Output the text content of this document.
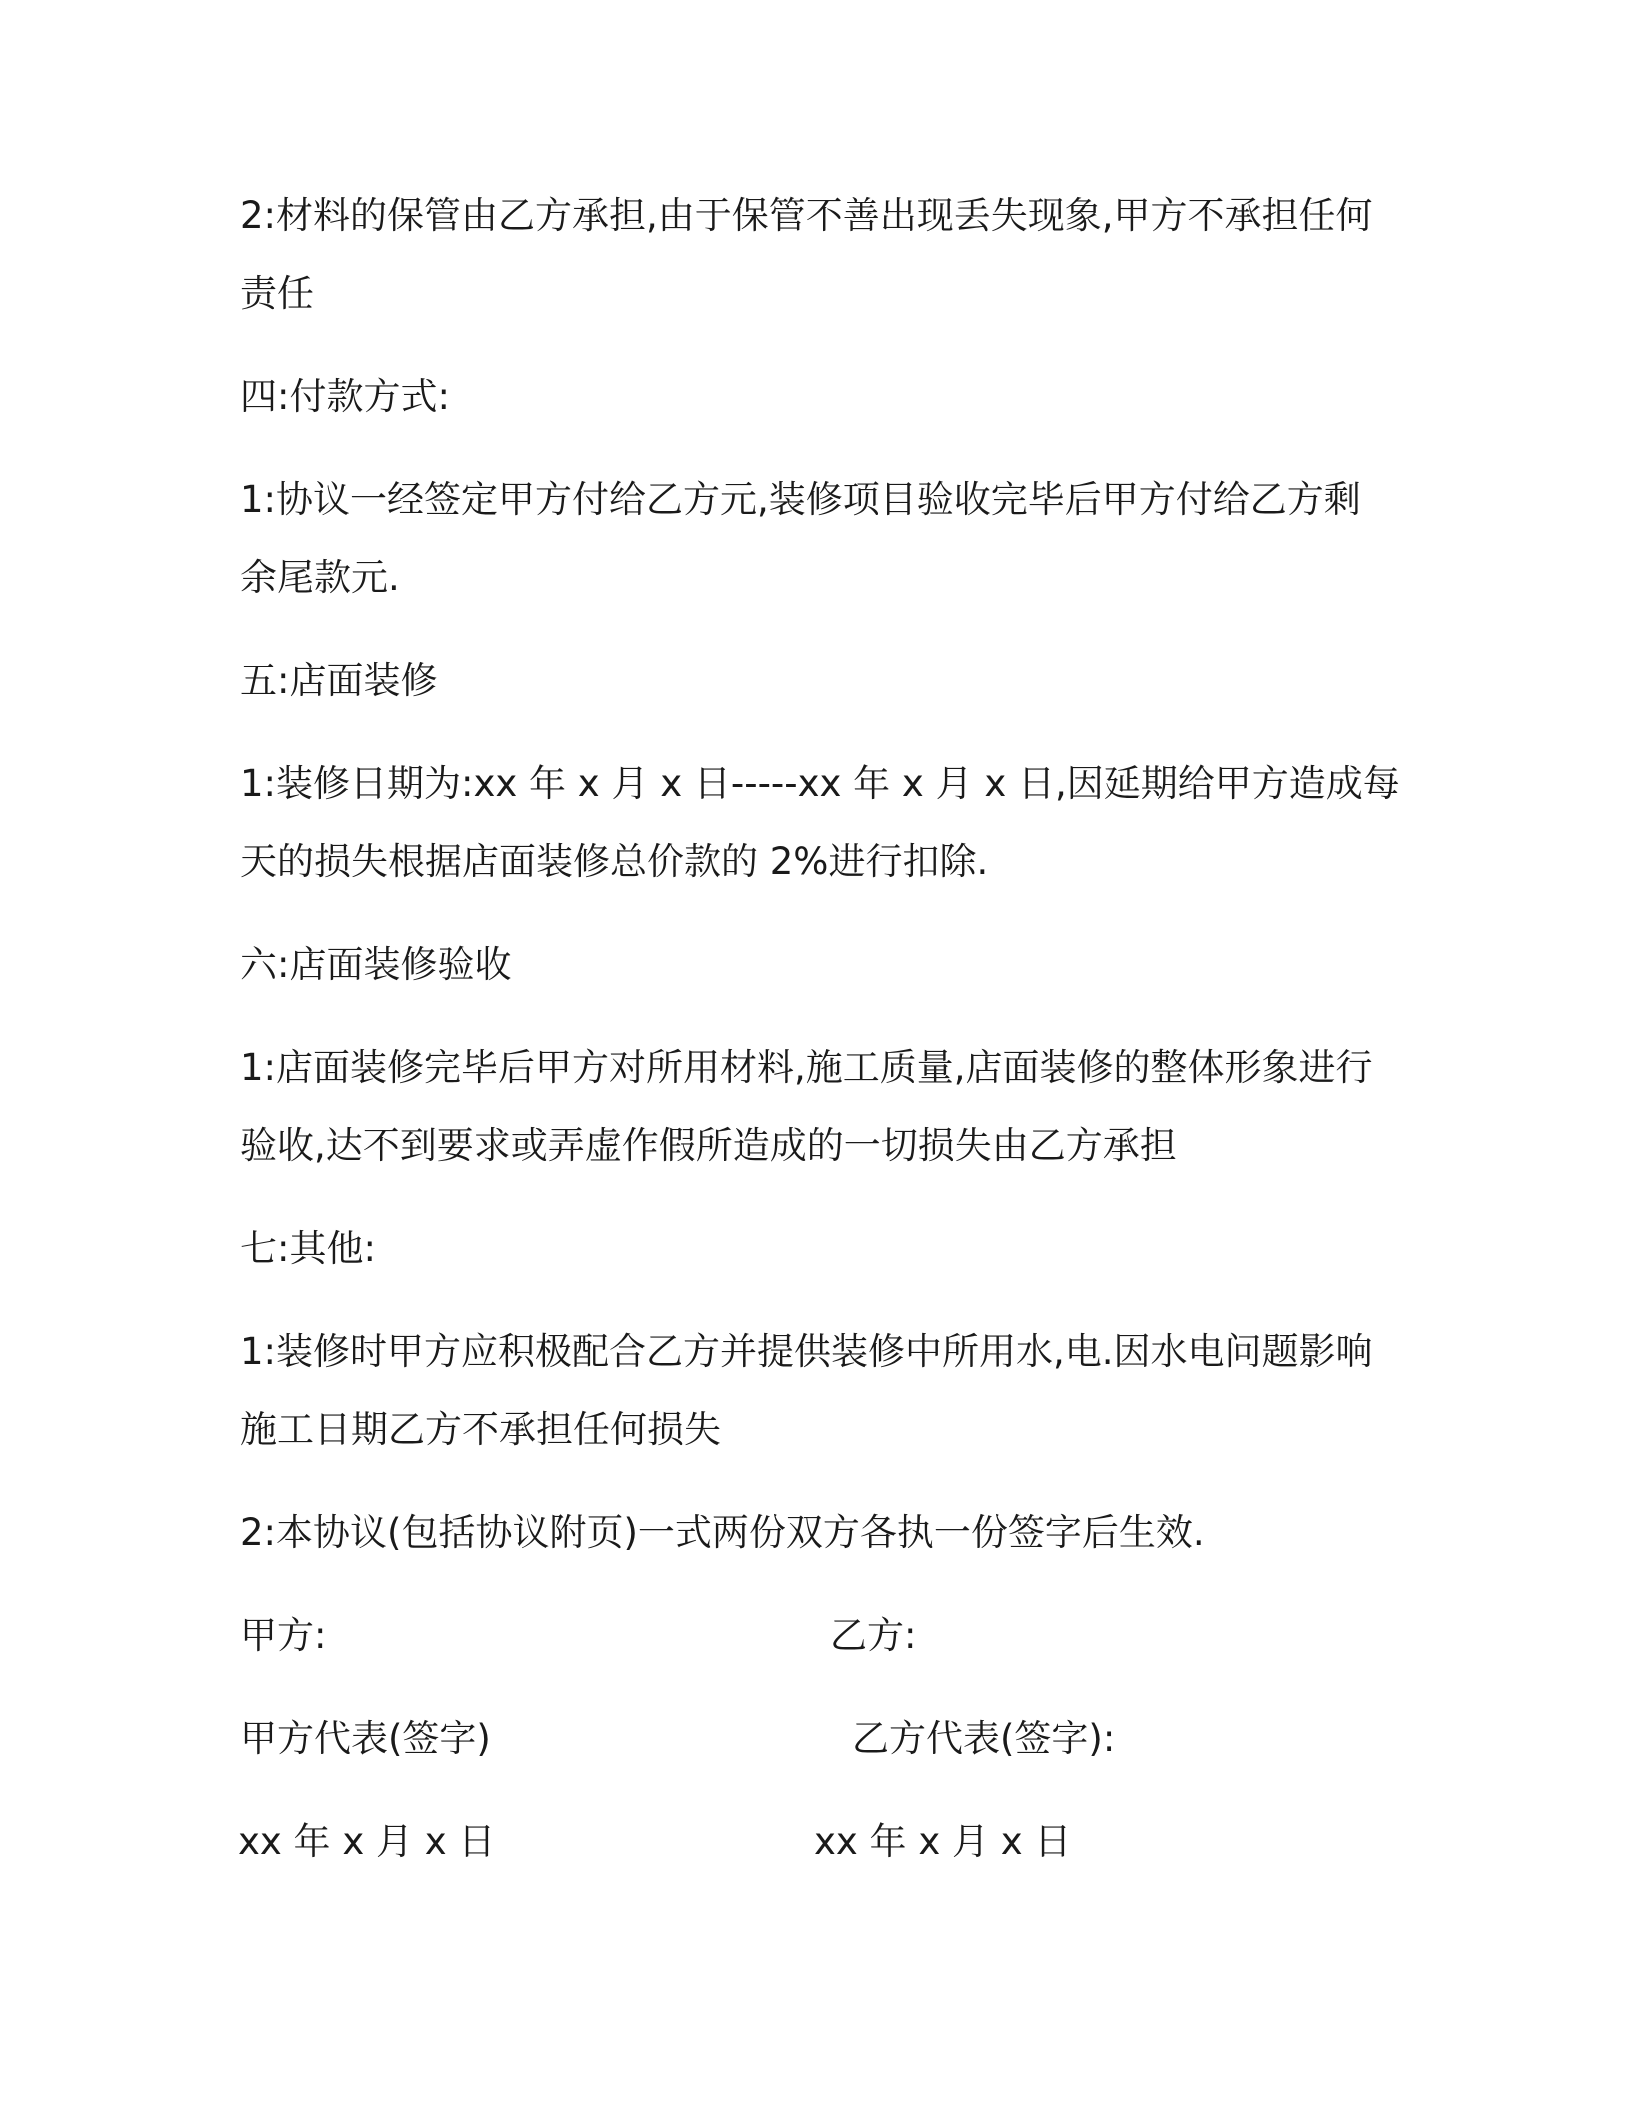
2:材料的保管由乙方承担,由于保管不善出现丢失现象,甲方不承担任何
责任
四:付款方式:
1:协议一经签定甲方付给乙方元,装修项目验收完毕后甲方付给乙方剩
余尾款元.
五:店面装修
1:装修日期为:xx 年 x 月 x 日-----xx 年 x 月 x 日,因延期给甲方造成每
天的损失根据店面装修总价款的 2%进行扣除.
六:店面装修验收
1:店面装修完毕后甲方对所用材料,施工质量,店面装修的整体形象进行
验收,达不到要求或弄虚作假所造成的一切损失由乙方承担
七:其他:
1:装修时甲方应积极配合乙方并提供装修中所用水,电.因水电问题影响
施工日期乙方不承担任何损失
2:本协议(包括协议附页)一式两份双方各执一份签字后生效.
甲方:	乙方:
甲方代表(签字)	乙方代表(签字):
xx 年 x 月 x 日	xx 年 x 月 x 日
